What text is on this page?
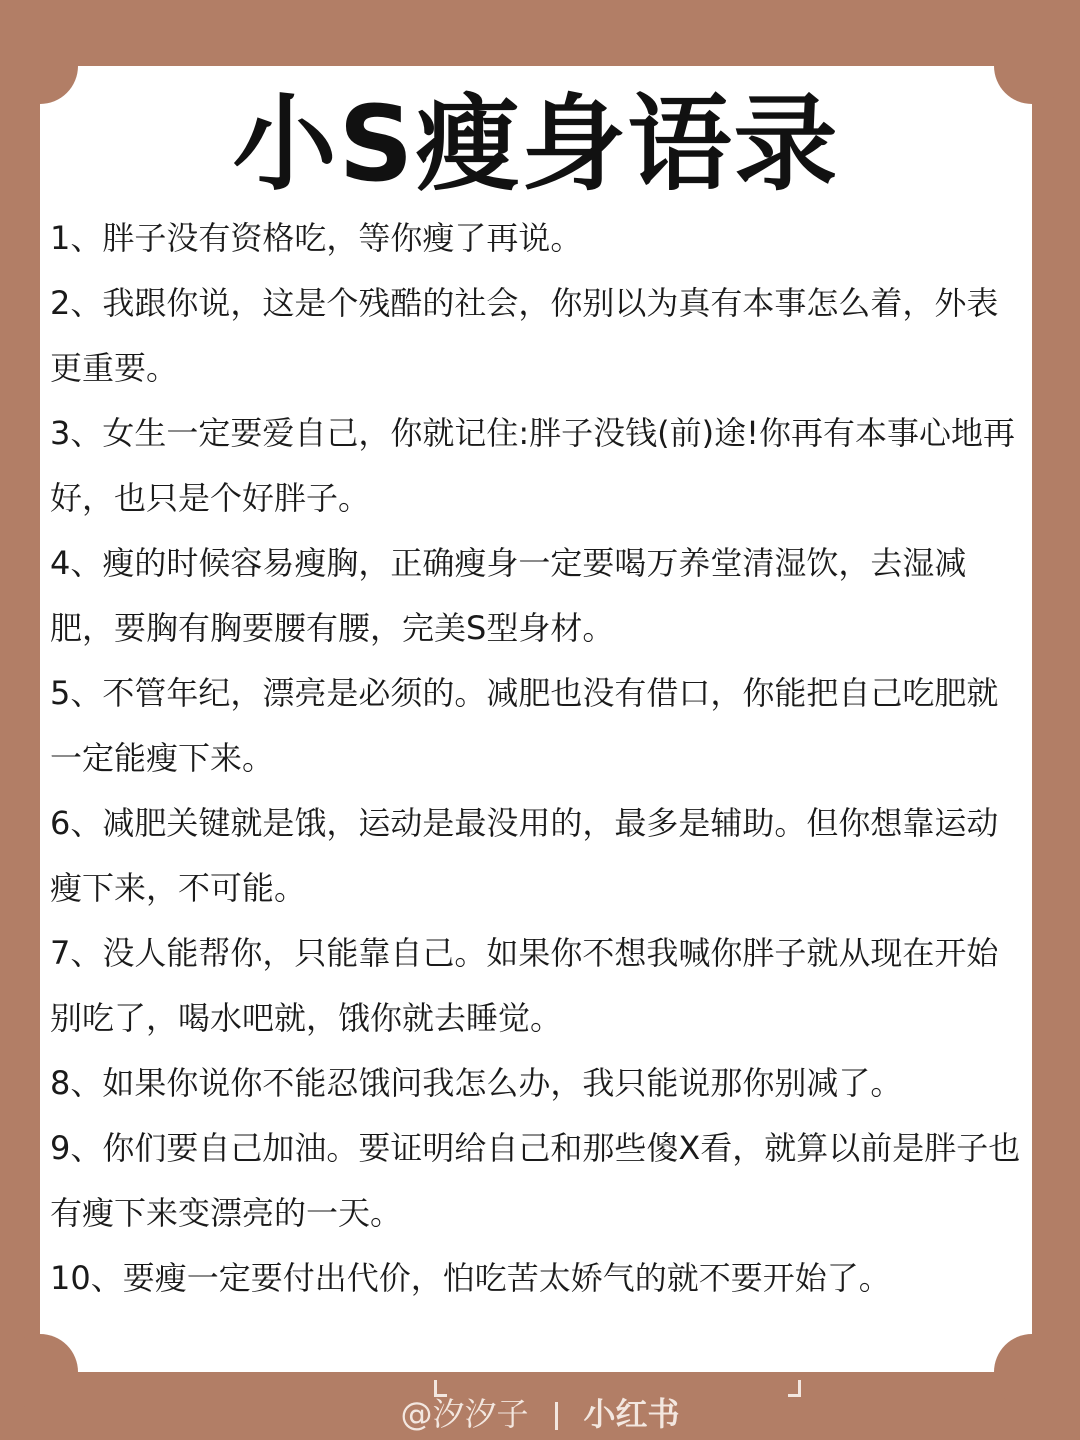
小S瘦身语录
1、胖子没有资格吃，等你瘦了再说。
2、我跟你说，这是个残酷的社会，你别以为真有本事怎么着，外表更重要。
3、女生一定要爱自己，你就记住:胖子没钱(前)途!你再有本事心地再好，也只是个好胖子。
4、瘦的时候容易瘦胸，正确瘦身一定要喝万养堂清湿饮，去湿减肥，要胸有胸要腰有腰，完美S型身材。
5、不管年纪，漂亮是必须的。减肥也没有借口，你能把自己吃肥就一定能瘦下来。
6、减肥关键就是饿，运动是最没用的，最多是辅助。但你想靠运动瘦下来，不可能。
7、没人能帮你，只能靠自己。如果你不想我喊你胖子就从现在开始别吃了，喝水吧就，饿你就去睡觉。
8、如果你说你不能忍饿问我怎么办，我只能说那你别减了。
9、你们要自己加油。要证明给自己和那些傻X看，就算以前是胖子也有瘦下来变漂亮的一天。
10、要瘦一定要付出代价，怕吃苦太娇气的就不要开始了。
@汐汐子 小红书
